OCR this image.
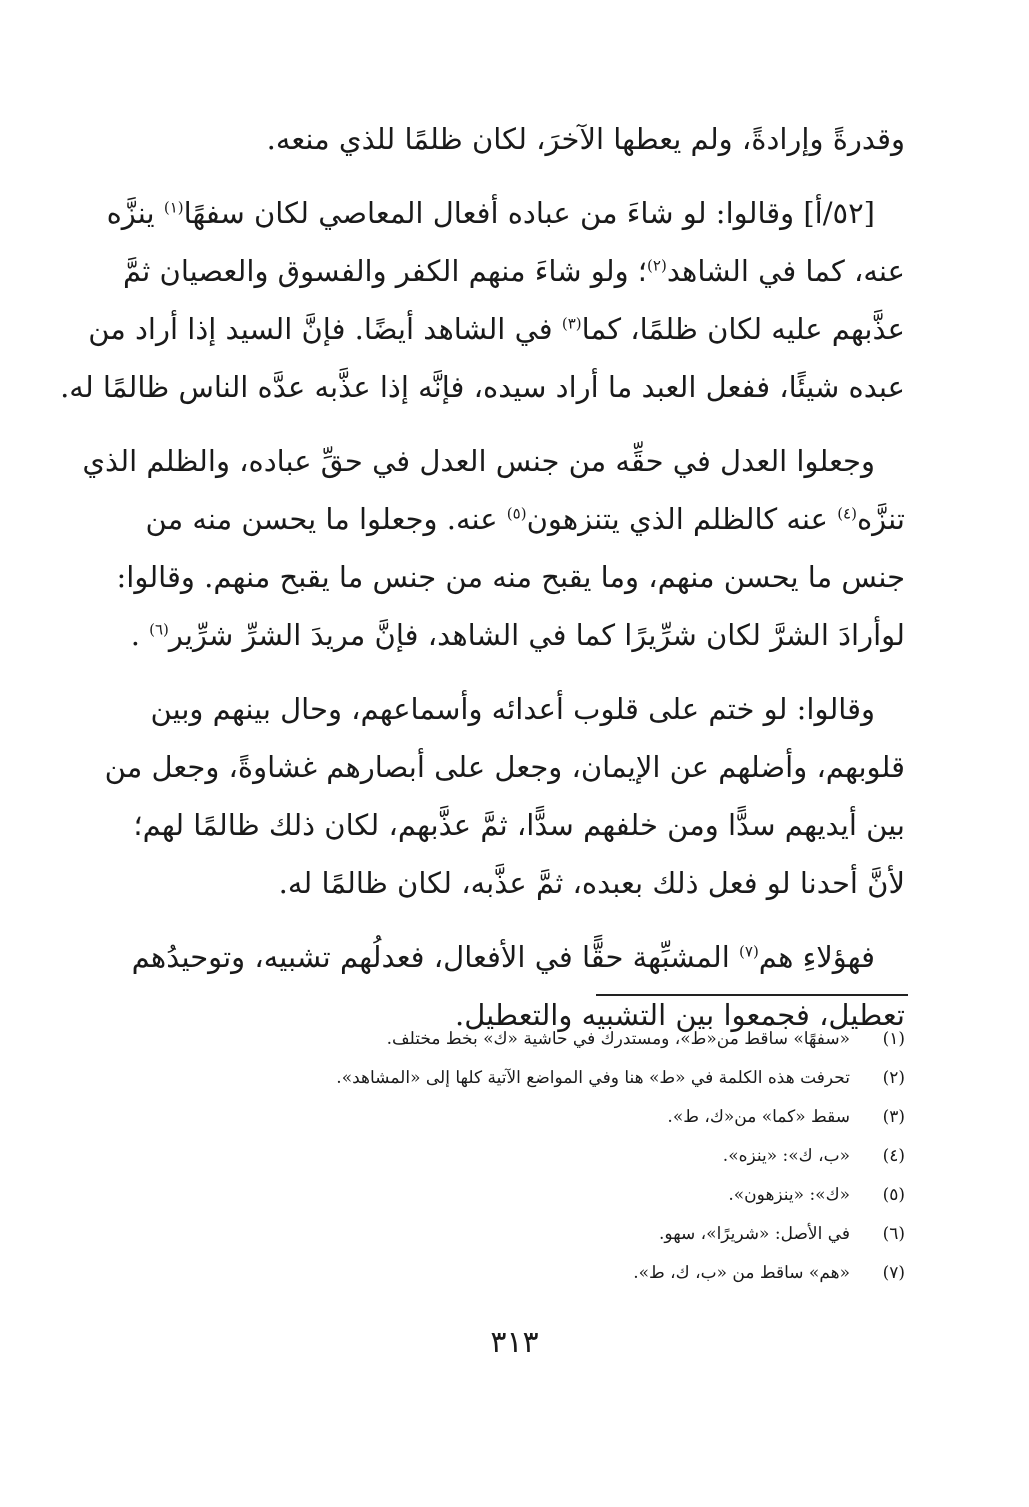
وقدرةً وإرادةً، ولم يعطها الآخرَ، لكان ظلمًا للذي منعه.

[٥٢/أ] وقالوا: لو شاءَ من عباده أفعال المعاصي لكان سفهًا$^{(١)}$ ينزَّه

عنه، كما في الشاهد$^{(٢)}$؛ ولو شاءَ منهم الكفر والفسوق والعصيان ثمَّ

عذَّبهم عليه لكان ظلمًا، كما$^{(٣)}$ في الشاهد أيضًا. فإنَّ السيد إذا أراد من

عبده شيئًا، ففعل العبد ما أراد سيده، فإنَّه إذا عذَّبه عدَّه الناس ظالمًا له.

وجعلوا العدل في حقِّه من جنس العدل في حقِّ عباده، والظلم الذي

تنزَّه$^{(٤)}$ عنه كالظلم الذي يتنزهون$^{(٥)}$ عنه. وجعلوا ما يحسن منه من

جنس ما يحسن منهم، وما يقبح منه من جنس ما يقبح منهم. وقالوا:

لوأرادَ الشرَّ لكان شرِّيرًا كما في الشاهد، فإنَّ مريدَ الشرِّ شرِّير$^{(٦)}$ .

وقالوا: لو ختم على قلوب أعدائه وأسماعهم، وحال بينهم وبين

قلوبهم، وأضلهم عن الإيمان، وجعل على أبصارهم غشاوةً، وجعل من

بين أيديهم سدًّا ومن خلفهم سدًّا، ثمَّ عذَّبهم، لكان ذلك ظالمًا لهم؛

لأنَّ أحدنا لو فعل ذلك بعبده، ثمَّ عذَّبه، لكان ظالمًا له.

فهؤلاءِ هم$^{(٧)}$ المشبِّهة حقًّا في الأفعال، فعدلُهم تشبيه، وتوحيدُهم

تعطيل، فجمعوا بين التشبيه والتعطيل.

(١)
«سفهًا» ساقط من«ط»، ومستدرك في حاشية «ك» بخط مختلف.
(٢)
تحرفت هذه الكلمة في «ط» هنا وفي المواضع الآتية كلها إلى «المشاهد».
(٣)
سقط «كما» من«ك، ط».
(٤)
«ب، ك»: «ينزه».
(٥)
«ك»: «ينزهون».
(٦)
في الأصل: «شريرًا»، سهو.
(٧)
«هم» ساقط من «ب، ك، ط».
٣١٣
